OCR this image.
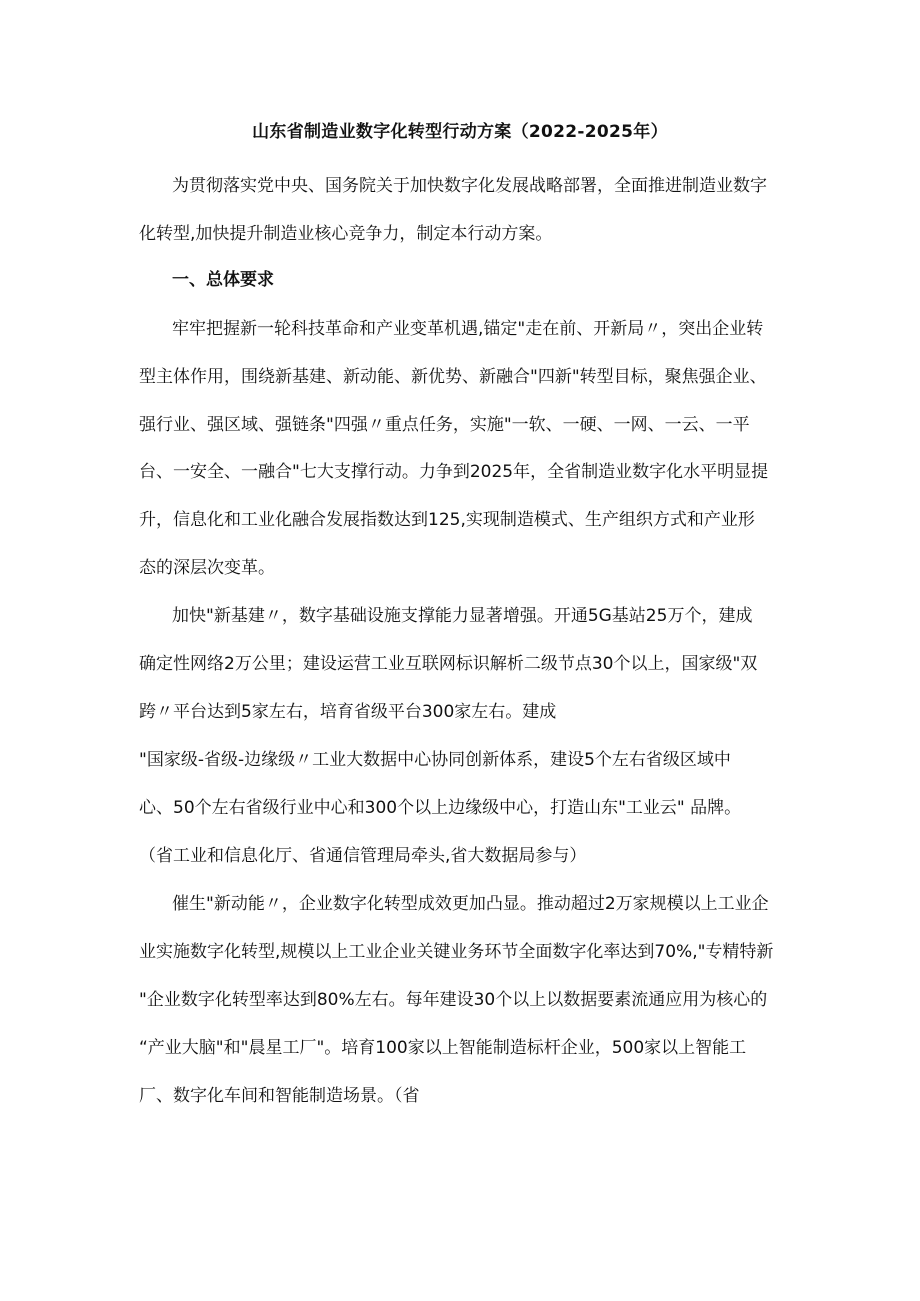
山东省制造业数字化转型行动方案（2022-2025年）
为贯彻落实党中央、国务院关于加快数字化发展战略部署，全面推进制造业数字
化转型,加快提升制造业核心竞争力，制定本行动方案。
一、总体要求
牢牢把握新一轮科技革命和产业变革机遇,锚定"走在前、开新局〃，突出企业转
型主体作用，围绕新基建、新动能、新优势、新融合"四新"转型目标，聚焦强企业、
强行业、强区域、强链条"四强〃重点任务，实施"一软、一硬、一网、一云、一平
台、一安全、一融合"七大支撑行动。力争到2025年，全省制造业数字化水平明显提
升，信息化和工业化融合发展指数达到125,实现制造模式、生产组织方式和产业形
态的深层次变革。
加快"新基建〃，数字基础设施支撑能力显著增强。开通5G基站25万个，建成
确定性网络2万公里；建设运营工业互联网标识解析二级节点30个以上，国家级"双
跨〃平台达到5家左右，培育省级平台300家左右。建成
"国家级-省级-边缘级〃工业大数据中心协同创新体系，建设5个左右省级区域中
心、50个左右省级行业中心和300个以上边缘级中心，打造山东"工业云" 品牌。
（省工业和信息化厅、省通信管理局牵头,省大数据局参与）
催生"新动能〃，企业数字化转型成效更加凸显。推动超过2万家规模以上工业企
业实施数字化转型,规模以上工业企业关键业务环节全面数字化率达到70%,"专精特新
"企业数字化转型率达到80%左右。每年建设30个以上以数据要素流通应用为核心的
“产业大脑"和"晨星工厂"。培育100家以上智能制造标杆企业，500家以上智能工
厂、数字化车间和智能制造场景。（省
